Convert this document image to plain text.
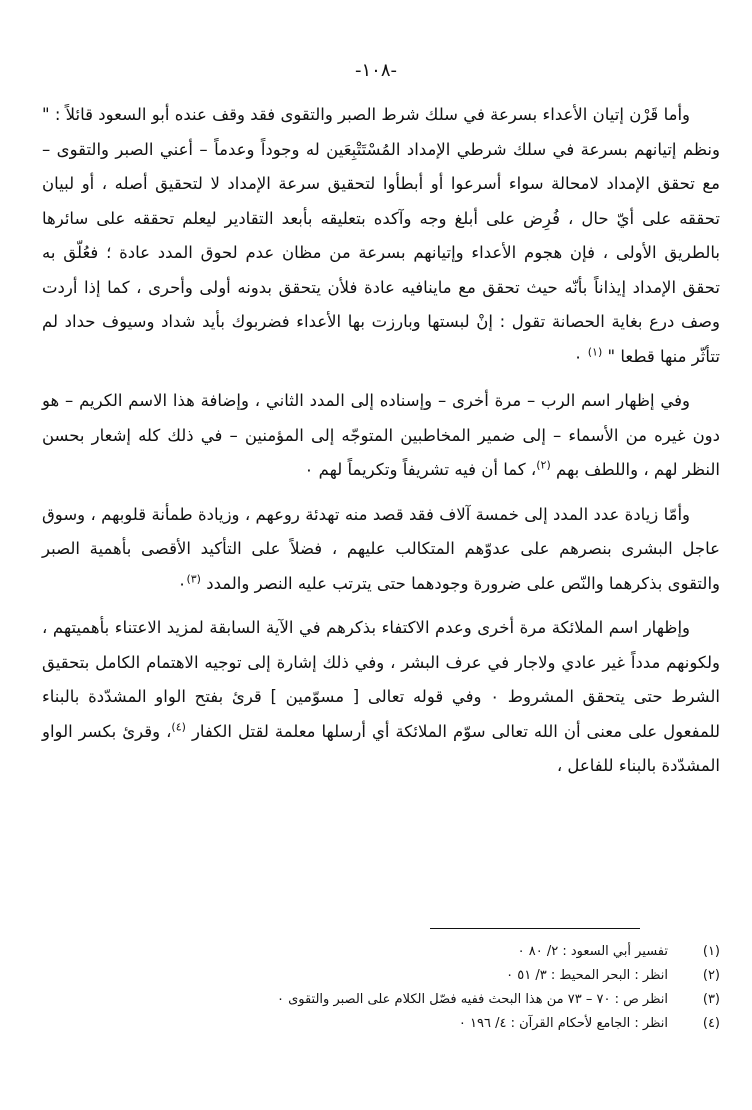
-١٠٨-

وأما قَرْن إتيان الأعداء بسرعة في سلك شرط الصبر والتقوى فقد وقف عنده أبو السعود قائلاً : " ونظم إتيانهم بسرعة في سلك شرطي الإمداد المُسْتَتْبِعَين له وجوداً وعدماً – أعني الصبر والتقوى – مع تحقق الإمداد لامحالة سواء أسرعوا أو أبطأوا لتحقيق سرعة الإمداد لا لتحقيق أصله ، أو لبيان تحققه على أيّ حال ، فُرِض على أبلغ وجه وآكده بتعليقه بأبعد التقادير ليعلم تحققه على سائرها بالطريق الأولى ، فإن هجوم الأعداء وإتيانهم بسرعة من مظان عدم لحوق المدد عادة ؛ فعُلّق به تحقق الإمداد إيذاناً بأنّه حيث تحقق مع ماينافيه عادة فلأن يتحقق بدونه أولى وأحرى ، كما إذا أردت وصف درع بغاية الحصانة تقول : إنْ لبستها وبارزت بها الأعداء فضربوك بأيد شداد وسيوف حداد لم تتأثّر منها قطعا " $^{(١)}$ ٠

وفي إظهار اسم الرب – مرة أخرى – وإسناده إلى المدد الثاني ، وإضافة هذا الاسم الكريم – هو دون غيره من الأسماء – إلى ضمير المخاطبين المتوجّه إلى المؤمنين – في ذلك كله إشعار بحسن النظر لهم ، واللطف بهم $^{(٢)}$، كما أن فيه تشريفاً وتكريماً لهم ٠

وأمّا زيادة عدد المدد إلى خمسة آلاف فقد قصد منه تهدئة روعهم ، وزيادة طمأنة قلوبهم ، وسوق عاجل البشرى بنصرهم على عدوّهم المتكالب عليهم ، فضلاً على التأكيد الأقصى بأهمية الصبر والتقوى بذكرهما والنّص على ضرورة وجودهما حتى يترتب عليه النصر والمدد $^{(٣)}$٠

وإظهار اسم الملائكة مرة أخرى وعدم الاكتفاء بذكرهم في الآية السابقة لمزيد الاعتناء بأهميتهم ، ولكونهم مدداً غير عادي ولاجار في عرف البشر ، وفي ذلك إشارة إلى توجيه الاهتمام الكامل بتحقيق الشرط حتى يتحقق المشروط ٠ وفي قوله تعالى [ مسوّمين ] قرئ بفتح الواو المشدّدة بالبناء للمفعول على معنى أن الله تعالى سوّم الملائكة أي أرسلها معلمة لقتل الكفار $^{(٤)}$، وقرئ بكسر الواو المشدّدة بالبناء للفاعل ،

(١)
تفسير أبي السعود : ٢/ ٨٠ ٠
(٢)
انظر : البحر المحيط : ٣/ ٥١ ٠
(٣)
انظر ص : ٧٠ – ٧٣ من هذا البحث ففيه فصّل الكلام على الصبر والتقوى ٠
(٤)
انظر : الجامع لأحكام القرآن : ٤/ ١٩٦ ٠
